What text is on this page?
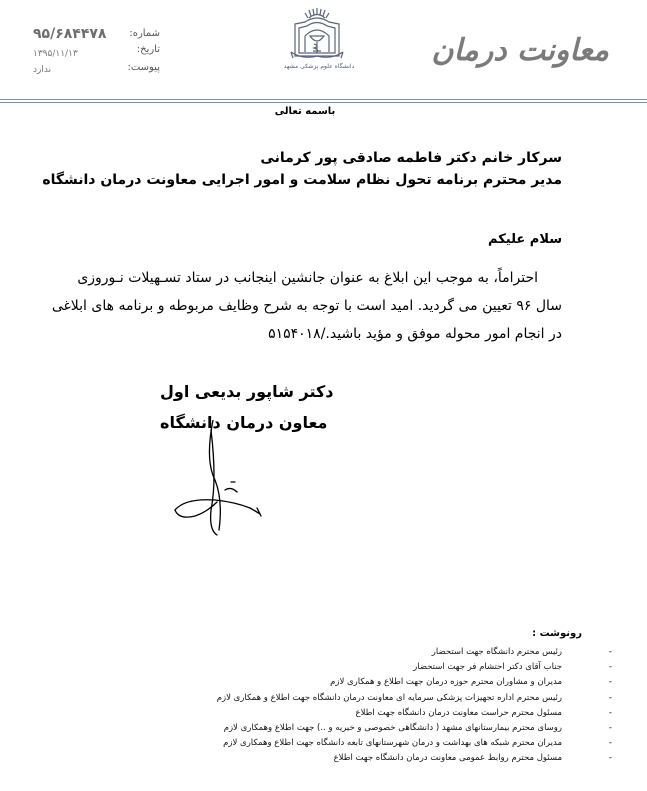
۹۵/۶۸۴۴۷۸
۱۳۹۵/۱۱/۱۳
ندارد
شماره:
تاریخ:
پیوست:	دانشگاه علوم پزشکی مشهد	معاونت درمان
باسمه تعالی
سرکار خانم دکتر فاطمه صادقی پور کرمانی
مدیر محترم برنامه تحول نظام سلامت و امور اجرایی معاونت درمان دانشگاه
سلام علیکم
احتراماً، به موجب این ابلاغ به عنوان جانشین اینجانب در ستاد تسـهیلات نـوروزی
سال ۹۶ تعیین می گردید. امید است با توجه به شرح وظایف مربوطه و برنامه های ابلاغی
در انجام امور محوله موفق و مؤید باشید./۵۱۵۴۰۱۸
دکتر شاپور بدیعی اول
معاون درمان دانشگاه
رونوشت :
-
رئیس محترم دانشگاه جهت استحضار
-
جناب آقای دکتر احتشام فر جهت استحضار
-
مدیران و مشاوران محترم حوزه درمان جهت اطلاع و همکاری لازم
-
رئیس محترم اداره تجهیزات پزشکی سرمایه ای معاونت درمان دانشگاه جهت اطلاع و همکاری لازم
-
مسئول محترم حراست معاونت درمان دانشگاه جهت اطلاع
-
روسای محترم بیمارستانهای مشهد ( دانشگاهی خصوصی و خیریه و ..) جهت اطلاع وهمکاری لازم
-
مدیران محترم شبکه های بهداشت و درمان شهرستانهای تابعه دانشگاه جهت اطلاع وهمکاری لازم
-
مسئول محترم روابط عمومی معاونت درمان دانشگاه جهت اطلاع
